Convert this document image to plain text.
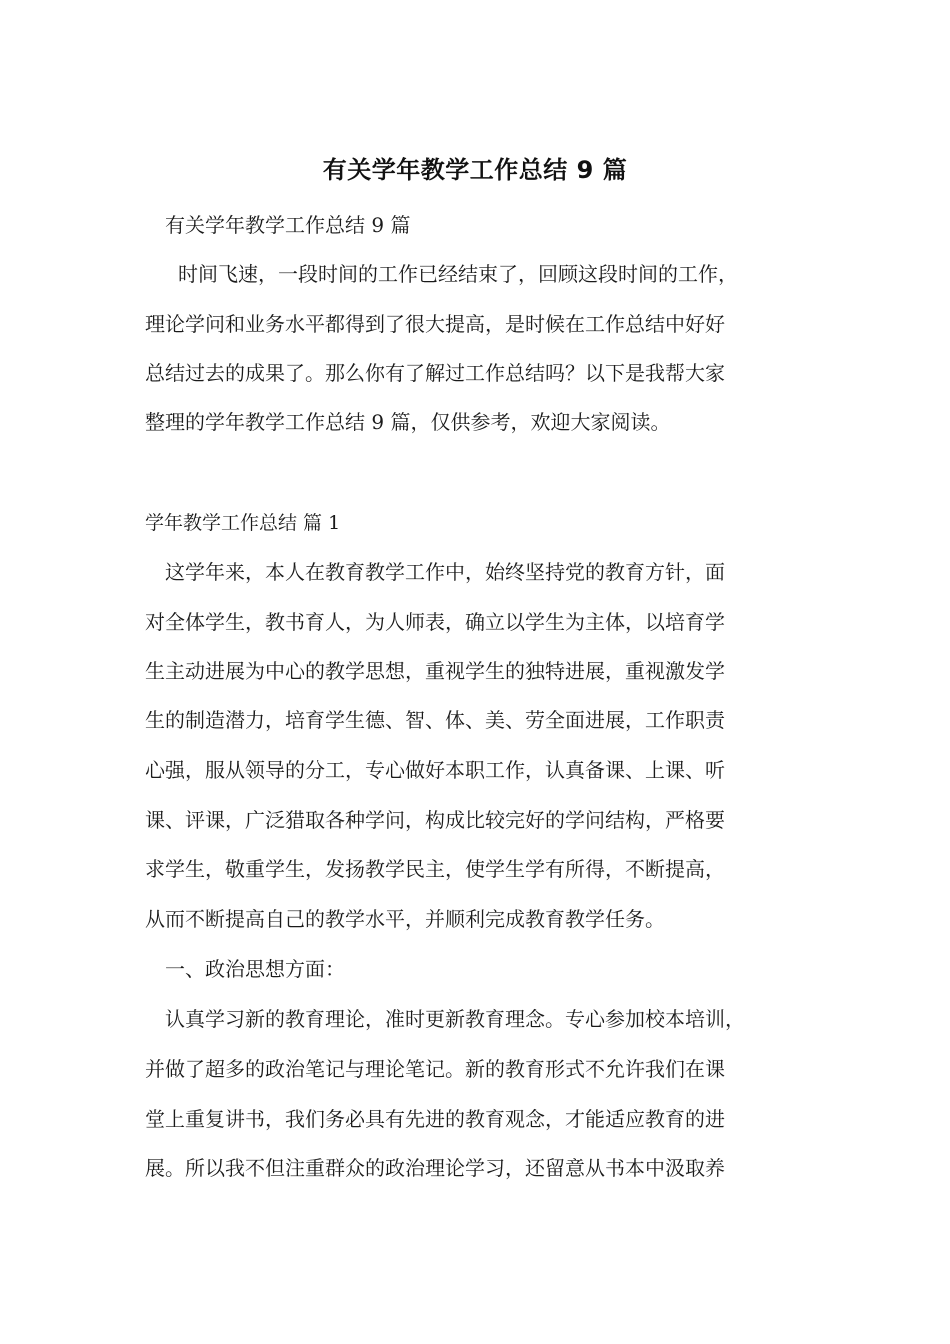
有关学年教学工作总结 9 篇
有关学年教学工作总结 9 篇
时间飞速，一段时间的工作已经结束了，回顾这段时间的工作，
理论学问和业务水平都得到了很大提高，是时候在工作总结中好好
总结过去的成果了。那么你有了解过工作总结吗？以下是我帮大家
整理的学年教学工作总结 9 篇，仅供参考，欢迎大家阅读。
学年教学工作总结 篇 1
这学年来，本人在教育教学工作中，始终坚持党的教育方针，面
对全体学生，教书育人，为人师表，确立以学生为主体，以培育学
生主动进展为中心的教学思想，重视学生的独特进展，重视激发学
生的制造潜力，培育学生德、智、体、美、劳全面进展，工作职责
心强，服从领导的分工，专心做好本职工作，认真备课、上课、听
课、评课，广泛猎取各种学问，构成比较完好的学问结构，严格要
求学生，敬重学生，发扬教学民主，使学生学有所得，不断提高，
从而不断提高自己的教学水平，并顺利完成教育教学任务。
一、政治思想方面：
认真学习新的教育理论，准时更新教育理念。专心参加校本培训，
并做了超多的政治笔记与理论笔记。新的教育形式不允许我们在课
堂上重复讲书，我们务必具有先进的教育观念，才能适应教育的进
展。所以我不但注重群众的政治理论学习，还留意从书本中汲取养
